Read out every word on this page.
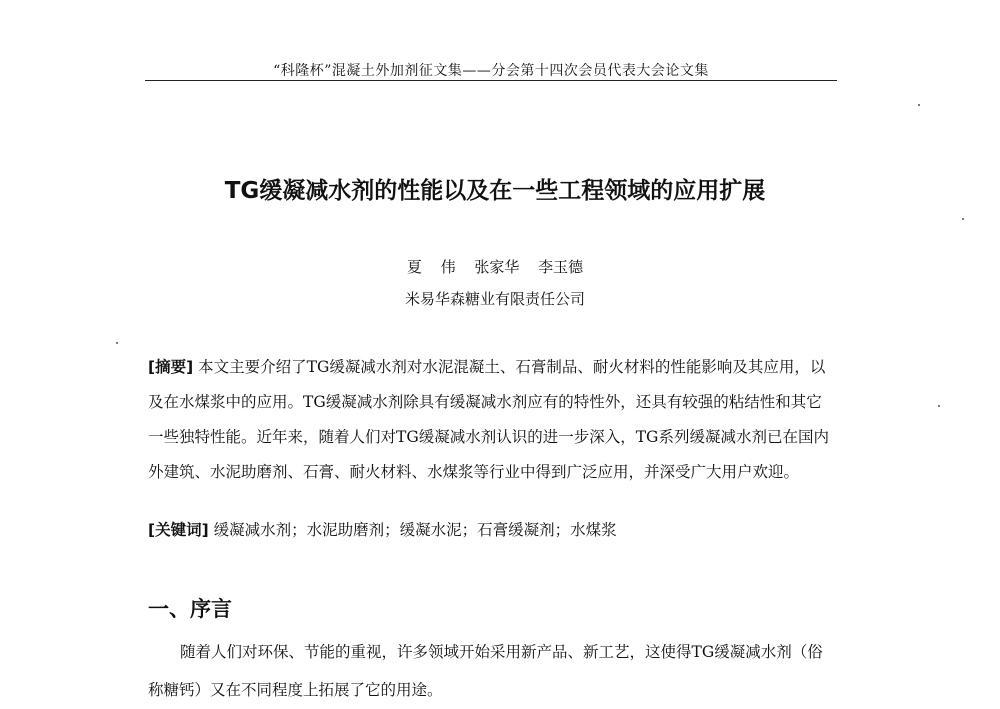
“科隆杯”混凝土外加剂征文集——分会第十四次会员代表大会论文集
TG缓凝减水剂的性能以及在一些工程领域的应用扩展
夏 伟 张家华 李玉德
米易华森糖业有限责任公司

[摘要] 本文主要介绍了TG缓凝减水剂对水泥混凝土、石膏制品、耐火材料的性能影响及其应用，以及在水煤浆中的应用。TG缓凝减水剂除具有缓凝减水剂应有的特性外，还具有较强的粘结性和其它一些独特性能。近年来，随着人们对TG缓凝减水剂认识的进一步深入，TG系列缓凝减水剂已在国内外建筑、水泥助磨剂、石膏、耐火材料、水煤浆等行业中得到广泛应用，并深受广大用户欢迎。

[关键词] 缓凝减水剂；水泥助磨剂；缓凝水泥；石膏缓凝剂；水煤浆

一、序言

随着人们对环保、节能的重视，许多领域开始采用新产品、新工艺，这使得TG缓凝减水剂（俗称糖钙）又在不同程度上拓展了它的用途。
